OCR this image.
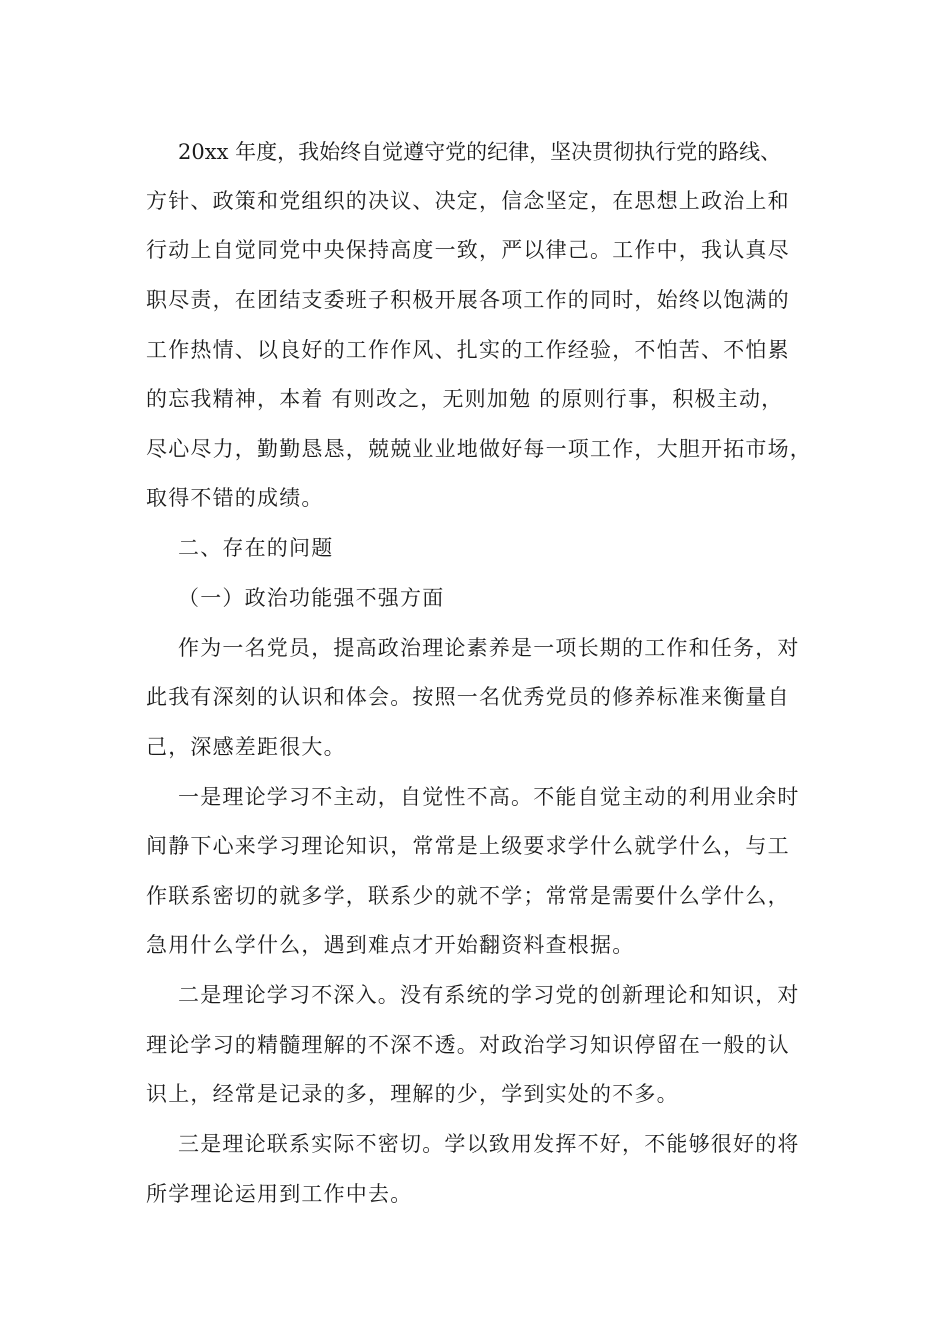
20xx 年度，我始终自觉遵守党的纪律，坚决贯彻执行党的路线、
方针、政策和党组织的决议、决定，信念坚定，在思想上政治上和
行动上自觉同党中央保持高度一致，严以律己。工作中，我认真尽
职尽责，在团结支委班子积极开展各项工作的同时，始终以饱满的
工作热情、以良好的工作作风、扎实的工作经验，不怕苦、不怕累
的忘我精神，本着 有则改之，无则加勉 的原则行事，积极主动，
尽心尽力，勤勤恳恳，兢兢业业地做好每一项工作，大胆开拓市场，
取得不错的成绩。
二、存在的问题
（一）政治功能强不强方面
作为一名党员，提高政治理论素养是一项长期的工作和任务，对
此我有深刻的认识和体会。按照一名优秀党员的修养标准来衡量自
己，深感差距很大。
一是理论学习不主动，自觉性不高。不能自觉主动的利用业余时
间静下心来学习理论知识，常常是上级要求学什么就学什么，与工
作联系密切的就多学，联系少的就不学；常常是需要什么学什么，
急用什么学什么，遇到难点才开始翻资料查根据。
二是理论学习不深入。没有系统的学习党的创新理论和知识，对
理论学习的精髓理解的不深不透。对政治学习知识停留在一般的认
识上，经常是记录的多，理解的少，学到实处的不多。
三是理论联系实际不密切。学以致用发挥不好，不能够很好的将
所学理论运用到工作中去。
